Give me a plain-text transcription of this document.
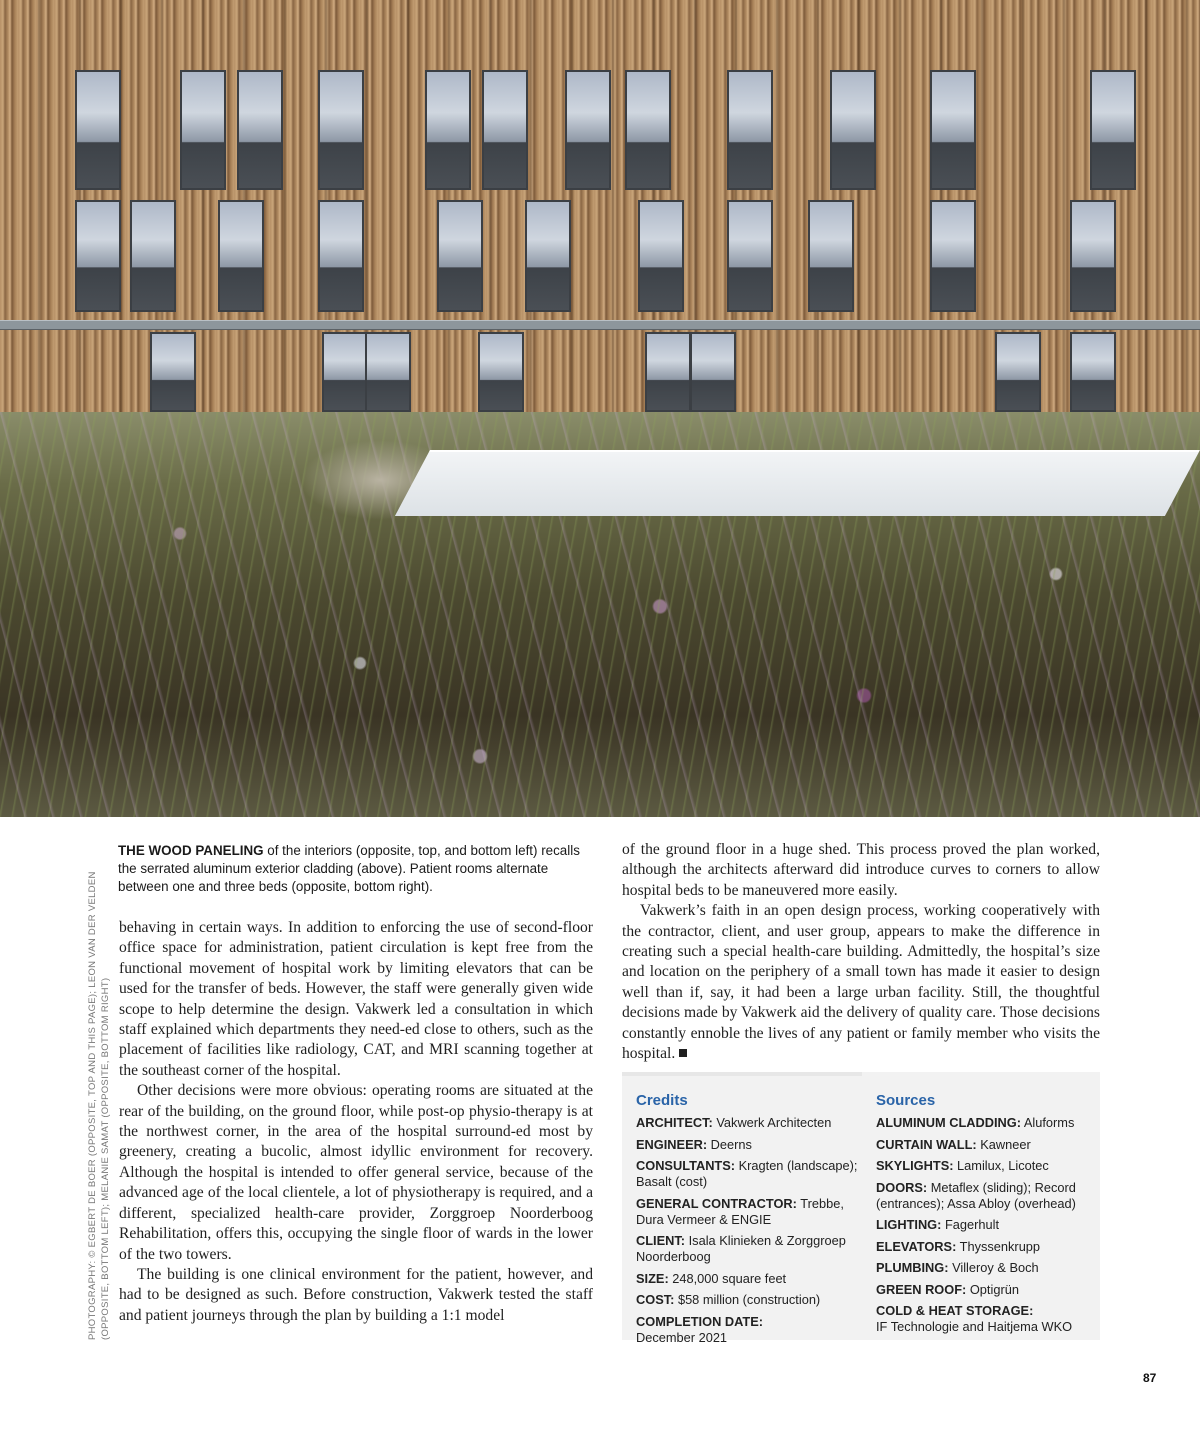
PHOTOGRAPHY: © EGBERT DE BOER (OPPOSITE, TOP AND THIS PAGE); LEON VAN DER VELDEN (OPPOSITE, BOTTOM LEFT); MELANIE SAMAT (OPPOSITE, BOTTOM RIGHT)
THE WOOD PANELING of the interiors (opposite, top, and bottom left) recalls the serrated aluminum exterior cladding (above). Patient rooms alternate between one and three beds (opposite, bottom right).

behaving in certain ways. In addition to enforcing the use of second-floor office space for administration, patient circulation is kept free from the functional movement of hospital work by limiting elevators that can be used for the transfer of beds. However, the staff were generally given wide scope to help determine the design. Vakwerk led a consultation in which staff explained which departments they need-ed close to others, such as the placement of facilities like radiology, CAT, and MRI scanning together at the southeast corner of the hospital.

Other decisions were more obvious: operating rooms are situated at the rear of the building, on the ground floor, while post-op physio-therapy is at the northwest corner, in the area of the hospital surround-ed most by greenery, creating a bucolic, almost idyllic environment for recovery. Although the hospital is intended to offer general service, because of the advanced age of the local clientele, a lot of physiotherapy is required, and a different, specialized health-care provider, Zorggroep Noorderboog Rehabilitation, offers this, occupying the single floor of wards in the lower of the two towers.

The building is one clinical environment for the patient, however, and had to be designed as such. Before construction, Vakwerk tested the staff and patient journeys through the plan by building a 1:1 model

of the ground floor in a huge shed. This process proved the plan worked, although the architects afterward did introduce curves to corners to allow hospital beds to be maneuvered more easily.

Vakwerk’s faith in an open design process, working cooperatively with the contractor, client, and user group, appears to make the difference in creating such a special health-care building. Admittedly, the hospital’s size and location on the periphery of a small town has made it easier to design well than if, say, it had been a large urban facility. Still, the thoughtful decisions made by Vakwerk aid the delivery of quality care. Those decisions constantly ennoble the lives of any patient or family member who visits the hospital.

Credits
ARCHITECT: Vakwerk Architecten
ENGINEER: Deerns
CONSULTANTS: Kragten (landscape); Basalt (cost)
GENERAL CONTRACTOR: Trebbe, Dura Vermeer & ENGIE
CLIENT: Isala Klinieken & Zorggroep Noorderboog
SIZE: 248,000 square feet
COST: $58 million (construction)
COMPLETION DATE:
December 2021
Sources
ALUMINUM CLADDING: Aluforms
CURTAIN WALL: Kawneer
SKYLIGHTS: Lamilux, Licotec
DOORS: Metaflex (sliding); Record (entrances); Assa Abloy (overhead)
LIGHTING: Fagerhult
ELEVATORS: Thyssenkrupp
PLUMBING: Villeroy & Boch
GREEN ROOF: Optigrün
COLD & HEAT STORAGE:
IF Technologie and Haitjema WKO
87
